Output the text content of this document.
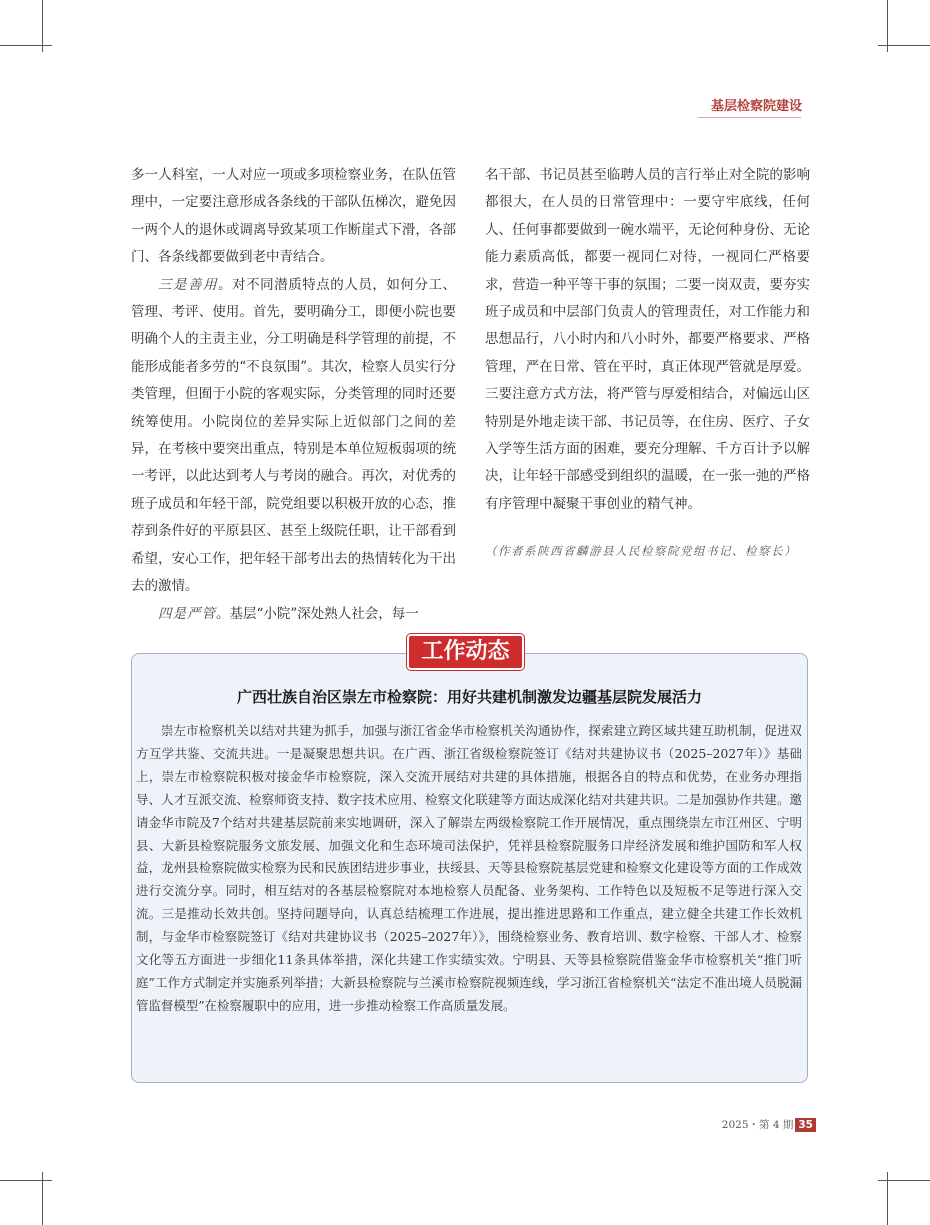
基层检察院建设

多一人科室，一人对应一项或多项检察业务，在队伍管理中，一定要注意形成各条线的干部队伍梯次，避免因一两个人的退休或调离导致某项工作断崖式下滑，各部门、各条线都要做到老中青结合。

三是善用。对不同潜质特点的人员，如何分工、管理、考评、使用。首先，要明确分工，即便小院也要明确个人的主责主业，分工明确是科学管理的前提，不能形成能者多劳的“不良氛围”。其次，检察人员实行分类管理，但囿于小院的客观实际，分类管理的同时还要统筹使用。小院岗位的差异实际上近似部门之间的差异，在考核中要突出重点，特别是本单位短板弱项的统一考评，以此达到考人与考岗的融合。再次，对优秀的班子成员和年轻干部，院党组要以积极开放的心态，推荐到条件好的平原县区、甚至上级院任职，让干部看到希望，安心工作，把年轻干部考出去的热情转化为干出去的激情。

四是严管。基层“小院”深处熟人社会，每一

名干部、书记员甚至临聘人员的言行举止对全院的影响都很大，在人员的日常管理中：一要守牢底线，任何人、任何事都要做到一碗水端平，无论何种身份、无论能力素质高低，都要一视同仁对待，一视同仁严格要求，营造一种平等干事的氛围；二要一岗双责，要夯实班子成员和中层部门负责人的管理责任，对工作能力和思想品行，八小时内和八小时外，都要严格要求、严格管理，严在日常、管在平时，真正体现严管就是厚爱。三要注意方式方法，将严管与厚爱相结合，对偏远山区特别是外地走读干部、书记员等，在住房、医疗、子女入学等生活方面的困难，要充分理解、千方百计予以解决，让年轻干部感受到组织的温暖，在一张一弛的严格有序管理中凝聚干事创业的精气神。

（作者系陕西省麟游县人民检察院党组书记、检察长）

工作动态
广西壮族自治区崇左市检察院：用好共建机制激发边疆基层院发展活力

崇左市检察机关以结对共建为抓手，加强与浙江省金华市检察机关沟通协作，探索建立跨区域共建互助机制，促进双方互学共鉴、交流共进。一是凝聚思想共识。在广西、浙江省级检察院签订《结对共建协议书（2025–2027年）》基础上，崇左市检察院积极对接金华市检察院，深入交流开展结对共建的具体措施，根据各自的特点和优势，在业务办理指导、人才互派交流、检察师资支持、数字技术应用、检察文化联建等方面达成深化结对共建共识。二是加强协作共建。邀请金华市院及7个结对共建基层院前来实地调研，深入了解崇左两级检察院工作开展情况，重点围绕崇左市江州区、宁明县、大新县检察院服务文旅发展、加强文化和生态环境司法保护，凭祥县检察院服务口岸经济发展和维护国防和军人权益，龙州县检察院做实检察为民和民族团结进步事业，扶绥县、天等县检察院基层党建和检察文化建设等方面的工作成效进行交流分享。同时，相互结对的各基层检察院对本地检察人员配备、业务架构、工作特色以及短板不足等进行深入交流。三是推动长效共创。坚持问题导向，认真总结梳理工作进展，提出推进思路和工作重点，建立健全共建工作长效机制，与金华市检察院签订《结对共建协议书（2025–2027年）》，围绕检察业务、教育培训、数字检察、干部人才、检察文化等五方面进一步细化11条具体举措，深化共建工作实绩实效。宁明县、天等县检察院借鉴金华市检察机关“推门听庭”工作方式制定并实施系列举措；大新县检察院与兰溪市检察院视频连线，学习浙江省检察机关“法定不准出境人员脱漏管监督模型”在检察履职中的应用，进一步推动检察工作高质量发展。

2025・第 4 期 35
